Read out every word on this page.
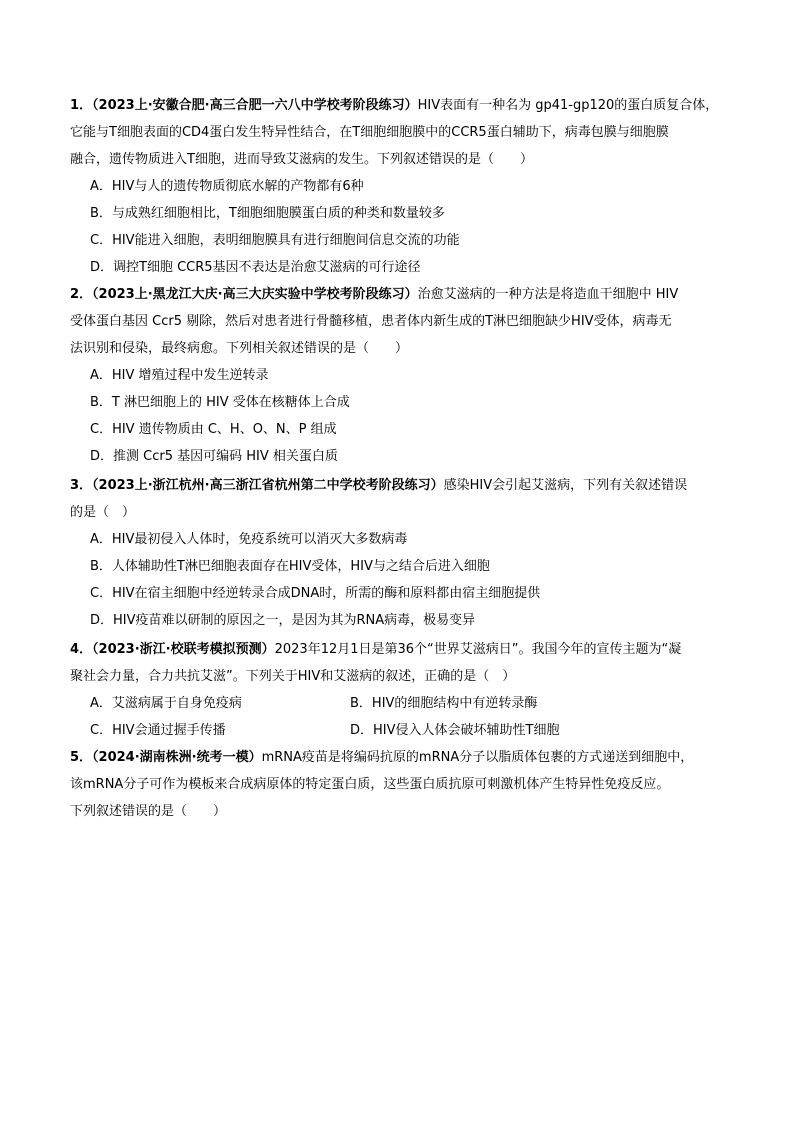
1．（2023上·安徽合肥·高三合肥一六八中学校考阶段练习）HIV表面有一种名为 gp41-gp120的蛋白质复合体，
它能与T细胞表面的CD4蛋白发生特异性结合，在T细胞细胞膜中的CCR5蛋白辅助下，病毒包膜与细胞膜
融合，遗传物质进入T细胞，进而导致艾滋病的发生。下列叙述错误的是（　　）
A．HIV与人的遗传物质彻底水解的产物都有6种
B．与成熟红细胞相比，T细胞细胞膜蛋白质的种类和数量较多
C．HIV能进入细胞，表明细胞膜具有进行细胞间信息交流的功能
D．调控T细胞 CCR5基因不表达是治愈艾滋病的可行途径
2．（2023上·黑龙江大庆·高三大庆实验中学校考阶段练习）治愈艾滋病的一种方法是将造血干细胞中 HIV
受体蛋白基因 Ccr5 剔除，然后对患者进行骨髓移植，患者体内新生成的T淋巴细胞缺少HIV受体，病毒无
法识别和侵染，最终病愈。下列相关叙述错误的是（　　）
A．HIV 增殖过程中发生逆转录
B．T 淋巴细胞上的 HIV 受体在核糖体上合成
C．HIV 遗传物质由 C、H、O、N、P 组成
D．推测 Ccr5 基因可编码 HIV 相关蛋白质
3．（2023上·浙江杭州·高三浙江省杭州第二中学校考阶段练习）感染HIV会引起艾滋病，下列有关叙述错误
的是（　）
A．HIV最初侵入人体时，免疫系统可以消灭大多数病毒
B．人体辅助性T淋巴细胞表面存在HIV受体，HIV与之结合后进入细胞
C．HIV在宿主细胞中经逆转录合成DNA时，所需的酶和原料都由宿主细胞提供
D．HIV疫苗难以研制的原因之一，是因为其为RNA病毒，极易变异
4．（2023·浙江·校联考模拟预测）2023年12月1日是第36个“世界艾滋病日”。我国今年的宣传主题为“凝
聚社会力量，合力共抗艾滋”。下列关于HIV和艾滋病的叙述，正确的是（　）
A．艾滋病属于自身免疫病	B．HIV的细胞结构中有逆转录酶
C．HIV会通过握手传播	D．HIV侵入人体会破坏辅助性T细胞
5．（2024·湖南株洲·统考一模）mRNA疫苗是将编码抗原的mRNA分子以脂质体包裹的方式递送到细胞中，
该mRNA分子可作为模板来合成病原体的特定蛋白质，这些蛋白质抗原可刺激机体产生特异性免疫反应。
下列叙述错误的是（　　）
